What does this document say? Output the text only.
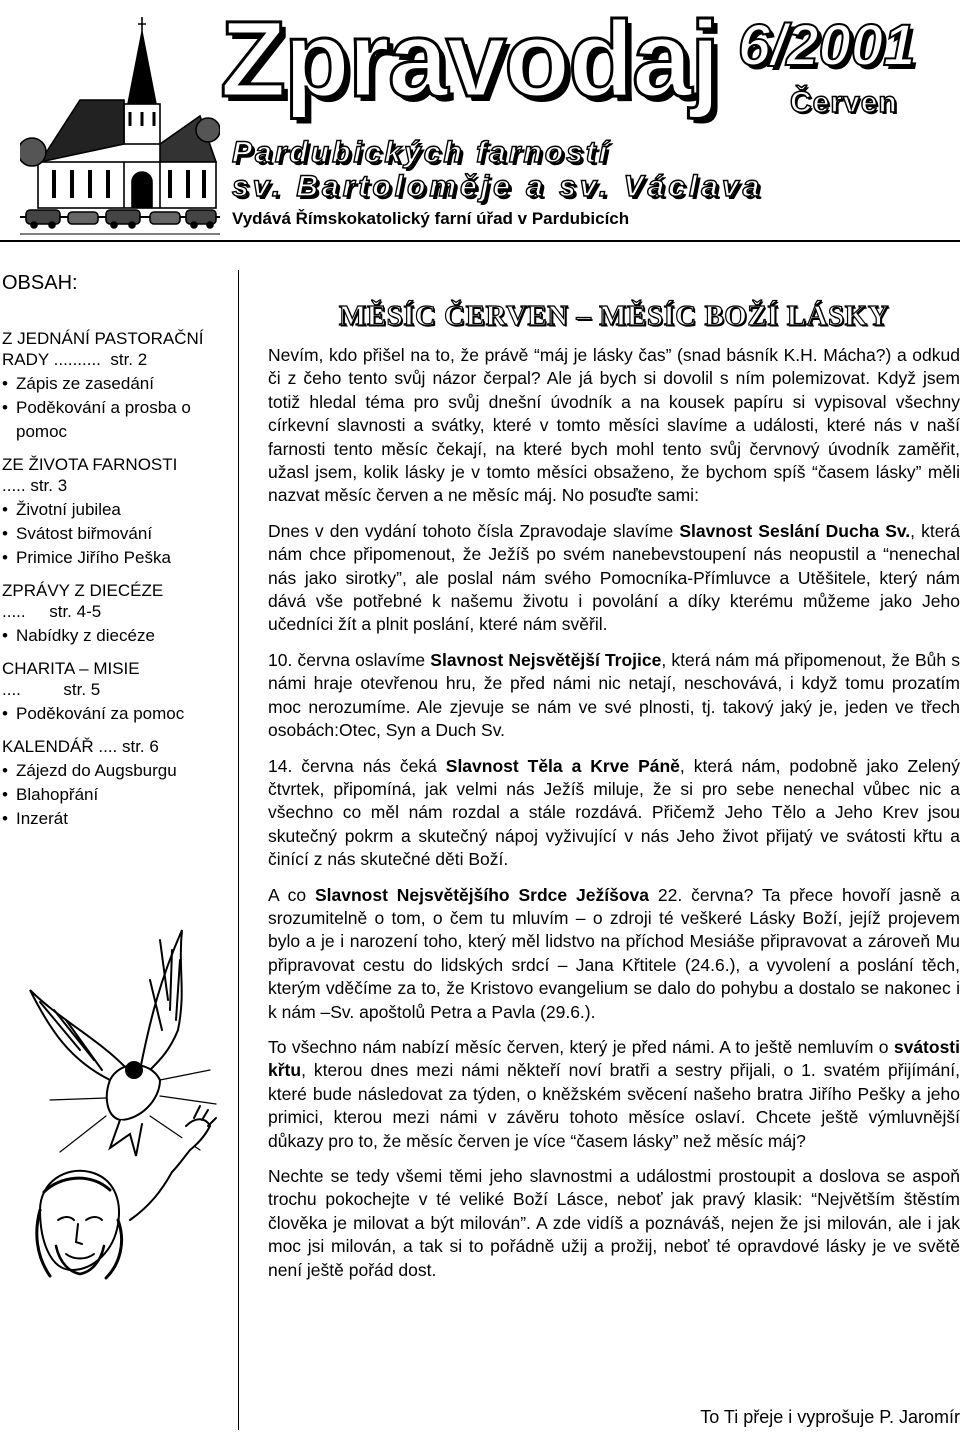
Zpravodaj 6/2001
Červen
Pardubických farností
sv. Bartoloměje a sv. Václava
Vydává Římskokatolický farní úřad v Pardubicích
OBSAH:
Z JEDNÁNÍ PASTORAČNÍ RADY ..........  str. 2
• Zápis ze zasedání
• Poděkování a prosba o pomoc
ZE ŽIVOTA FARNOSTI ..... str. 3
• Životní jubilea
• Svátost biřmování
• Primice Jiřího Peška
ZPRÁVY Z DIECÉZE .....     str. 4-5
• Nabídky z diecéze
CHARITA – MISIE ....         str. 5
• Poděkování za pomoc
KALENDÁŘ .... str. 6
• Zájezd do Augsburgu
• Blahopřání
• Inzerát
MĚSÍC ČERVEN – MĚSÍC BOŽÍ LÁSKY

Nevím, kdo přišel na to, že právě “máj je lásky čas” (snad básník K.H. Mácha?) a odkud či z čeho tento svůj názor čerpal? Ale já bych si dovolil s ním polemizovat. Když jsem totiž hledal téma pro svůj dnešní úvodník a na kousek papíru si vypisoval všechny církevní slavnosti a svátky, které v tomto měsíci slavíme a události, které nás v naší farnosti tento měsíc čekají, na které bych mohl tento svůj červnový úvodník zaměřit, užasl jsem, kolik lásky je v tomto měsíci obsaženo, že bychom spíš “časem lásky” měli nazvat měsíc červen a ne měsíc máj. No posuďte sami:

Dnes v den vydání tohoto čísla Zpravodaje slavíme Slavnost Seslání Ducha Sv., která nám chce připomenout, že Ježíš po svém nanebevstoupení nás neopustil a “nenechal nás jako sirotky”, ale poslal nám svého Pomocníka-Přímluvce a Utěšitele, který nám dává vše potřebné k našemu životu i povolání a díky kterému můžeme jako Jeho učedníci žít a plnit poslání, které nám svěřil.

10. června oslavíme Slavnost Nejsvětější Trojice, která nám má připomenout, že Bůh s námi hraje otevřenou hru, že před námi nic netají, neschovává, i když tomu prozatím moc nerozumíme. Ale zjevuje se nám ve své plnosti, tj. takový jaký je, jeden ve třech osobách:Otec, Syn a Duch Sv.

14. června nás čeká Slavnost Těla a Krve Páně, která nám, podobně jako Zelený čtvrtek, připomíná, jak velmi nás Ježíš miluje, že si pro sebe nenechal vůbec nic a všechno co měl nám rozdal a stále rozdává. Přičemž Jeho Tělo a Jeho Krev jsou skutečný pokrm a skutečný nápoj vyživující v nás Jeho život přijatý ve svátosti křtu a činící z nás skutečné děti Boží.

A co Slavnost Nejsvětějšího Srdce Ježíšova 22. června? Ta přece hovoří jasně a srozumitelně o tom, o čem tu mluvím – o zdroji té veškeré Lásky Boží, jejíž projevem bylo a je i narození toho, který měl lidstvo na příchod Mesiáše připravovat a zároveň Mu připravovat cestu do lidských srdcí – Jana Křtitele (24.6.), a vyvolení a poslání těch, kterým vděčíme za to, že Kristovo evangelium se dalo do pohybu a dostalo se nakonec i k nám –Sv. apoštolů Petra a Pavla (29.6.).

To všechno nám nabízí měsíc červen, který je před námi. A to ještě nemluvím o svátosti křtu, kterou dnes mezi námi někteří noví bratři a sestry přijali, o 1. svatém přijímání, které bude následovat za týden, o kněžském svěcení našeho bratra Jiřího Pešky a jeho primici, kterou mezi námi v závěru tohoto měsíce oslaví. Chcete ještě výmluvnější důkazy pro to, že měsíc červen je více “časem lásky” než měsíc máj?

Nechte se tedy všemi těmi jeho slavnostmi a událostmi prostoupit a doslova se aspoň trochu pokochejte v té veliké Boží Lásce, neboť jak pravý klasik: “Největším štěstím člověka je milovat a být milován”. A zde vidíš a poznáváš, nejen že jsi milován, ale i jak moc jsi milován, a tak si to pořádně užij a prožij, neboť té opravdové lásky je ve světě není ještě pořád dost.

To Ti přeje i vyprošuje P. Jaromír
